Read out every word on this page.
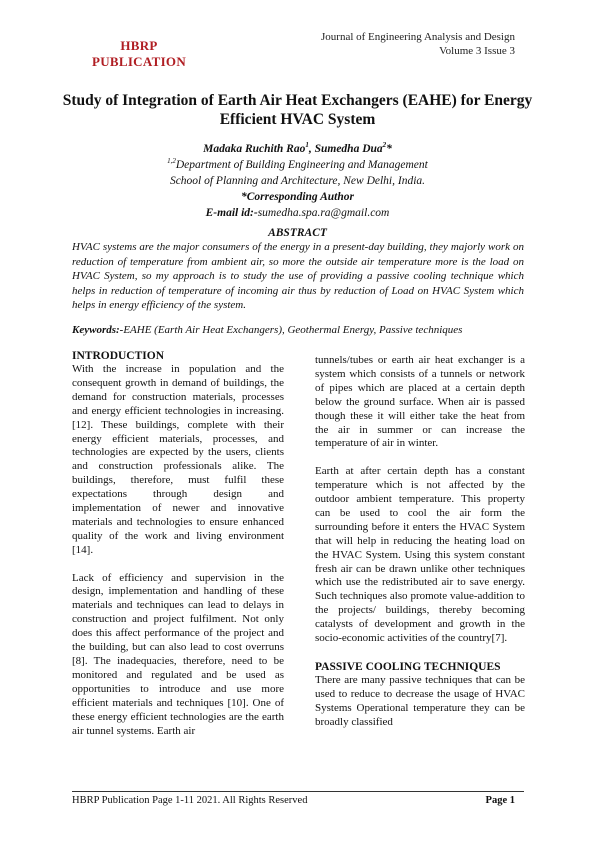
HBRP
PUBLICATION
Journal of Engineering Analysis and Design
Volume 3 Issue 3
Study of Integration of Earth Air Heat Exchangers (EAHE) for Energy Efficient HVAC System
Madaka Ruchith Rao$^1$, Sumedha Dua$^2$*
$^{1,2}$Department of Building Engineering and Management
School of Planning and Architecture, New Delhi, India.
*Corresponding Author
E-mail id:-sumedha.spa.ra@gmail.com
ABSTRACT
HVAC systems are the major consumers of the energy in a present-day building, they majorly work on reduction of temperature from ambient air, so more the outside air temperature more is the load on HVAC System, so my approach is to study the use of providing a passive cooling technique which helps in reduction of temperature of incoming air thus by reduction of Load on HVAC System which helps in energy efficiency of the system.
Keywords:-EAHE (Earth Air Heat Exchangers), Geothermal Energy, Passive techniques
INTRODUCTION

With the increase in population and the consequent growth in demand of buildings, the demand for construction materials, processes and energy efficient technologies in increasing.[12]. These buildings, complete with their energy efficient materials, processes, and technologies are expected by the users, clients and construction professionals alike. The buildings, therefore, must fulfil these expectations through design and implementation of newer and innovative materials and technologies to ensure enhanced quality of the work and living environment [14].

Lack of efficiency and supervision in the design, implementation and handling of these materials and techniques can lead to delays in construction and project fulfilment. Not only does this affect performance of the project and the building, but can also lead to cost overruns [8]. The inadequacies, therefore, need to be monitored and regulated and be used as opportunities to introduce and use more efficient materials and techniques [10]. One of these energy efficient technologies are the earth air tunnel systems. Earth air

tunnels/tubes or earth air heat exchanger is a system which consists of a tunnels or network of pipes which are placed at a certain depth below the ground surface. When air is passed though these it will either take the heat from the air in summer or can increase the temperature of air in winter.

Earth at after certain depth has a constant temperature which is not affected by the outdoor ambient temperature. This property can be used to cool the air form the surrounding before it enters the HVAC System that will help in reducing the heating load on the HVAC System. Using this system constant fresh air can be drawn unlike other techniques which use the redistributed air to save energy. Such techniques also promote value-addition to the projects/ buildings, thereby becoming catalysts of development and growth in the socio-economic activities of the country[7].

PASSIVE COOLING TECHNIQUES

There are many passive techniques that can be used to reduce to decrease the usage of HVAC Systems Operational temperature they can be broadly classified

HBRP Publication Page 1-11 2021. All Rights Reserved	Page 1
